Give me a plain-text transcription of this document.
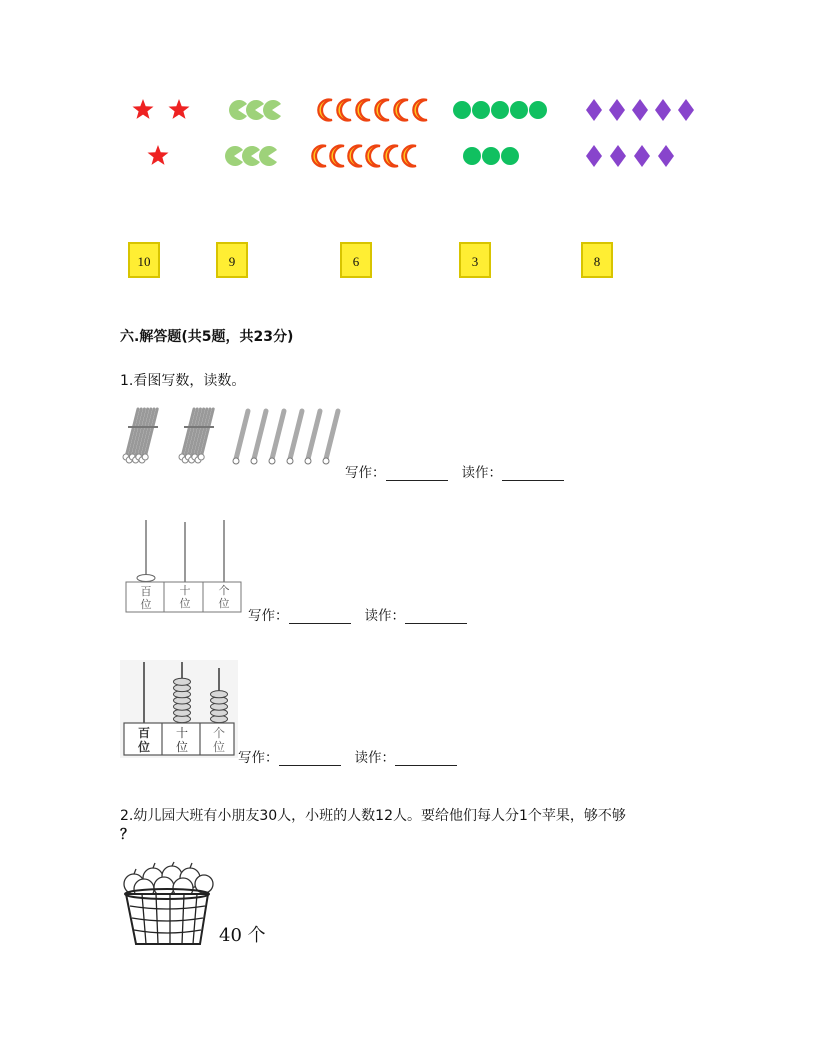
10	9	6	3	8
六.解答题(共5题，共23分)
1.看图写数，读数。
写作：	读作：
百位
十位
个位
写作：	读作：
百位
十位
个位
写作：	读作：
2.幼儿园大班有小朋友30人，小班的人数12人。要给他们每人分1个苹果，够不够
？
40 个
